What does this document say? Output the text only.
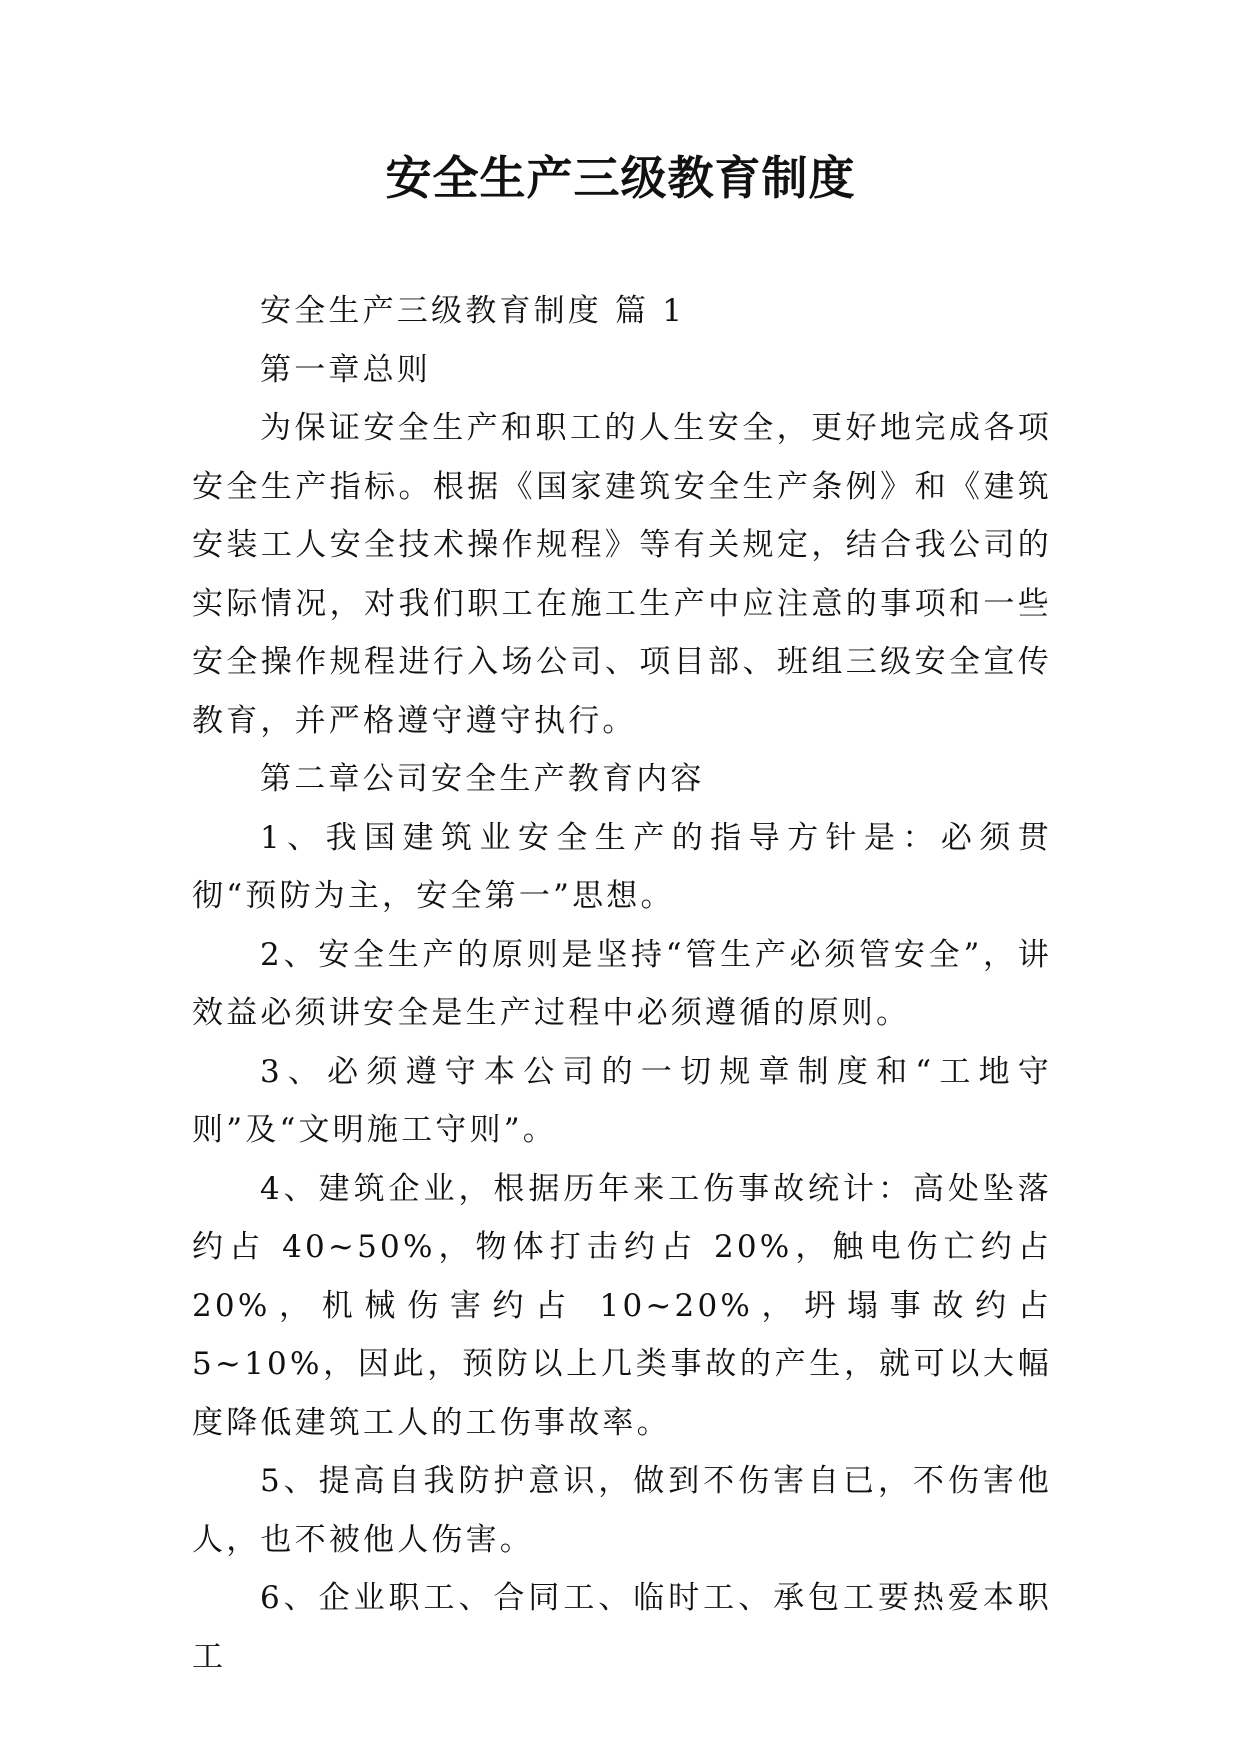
安全生产三级教育制度

安全生产三级教育制度 篇 1

第一章总则

为保证安全生产和职工的人生安全，更好地完成各项安全生产指标。根据《国家建筑安全生产条例》和《建筑安装工人安全技术操作规程》等有关规定，结合我公司的实际情况，对我们职工在施工生产中应注意的事项和一些安全操作规程进行入场公司、项目部、班组三级安全宣传教育，并严格遵守遵守执行。

第二章公司安全生产教育内容

1、我国建筑业安全生产的指导方针是：必须贯彻“预防为主，安全第一”思想。

2、安全生产的原则是坚持“管生产必须管安全”，讲效益必须讲安全是生产过程中必须遵循的原则。

3、必须遵守本公司的一切规章制度和“工地守则”及“文明施工守则”。

4、建筑企业，根据历年来工伤事故统计：高处坠落约占 40~50%，物体打击约占 20%，触电伤亡约占 20%，机械伤害约占 10~20%，坍塌事故约占 5~10%，因此，预防以上几类事故的产生，就可以大幅度降低建筑工人的工伤事故率。

5、提高自我防护意识，做到不伤害自已，不伤害他人，也不被他人伤害。

6、企业职工、合同工、临时工、承包工要热爱本职工
